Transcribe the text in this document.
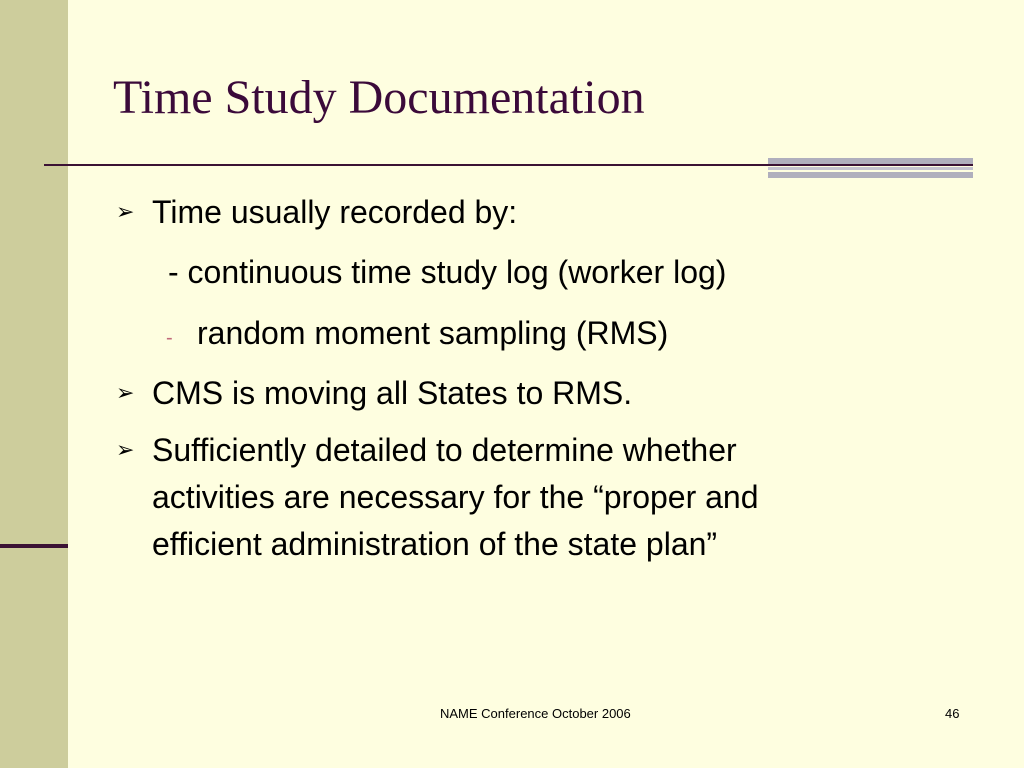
Time Study Documentation
➢ Time usually recorded by:
- continuous time study log (worker log)
- random moment sampling (RMS)
➢ CMS is moving all States to RMS.
➢ Sufficiently detailed to determine whether
activities are necessary for the “proper and
efficient administration of the state plan”
NAME Conference October 2006	46
